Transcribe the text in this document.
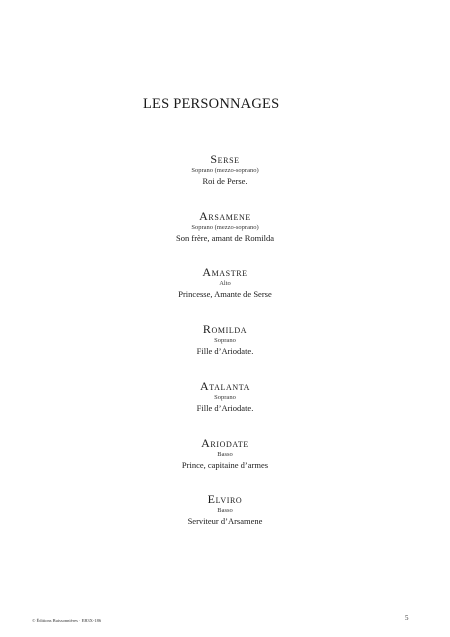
LES PERSONNAGES
Serse
Soprano (mezzo-soprano)
Roi de Perse.
Arsamene
Soprano (mezzo-soprano)
Son frère, amant de Romilda
Amastre
Alto
Princesse, Amante de Serse
Romilda
Soprano
Fille d’Ariodate.
Atalanta
Soprano
Fille d’Ariodate.
Ariodate
Basso
Prince, capitaine d’armes
Elviro
Basso
Serviteur d’Arsamene
© Éditions Buissonnières · EB3X-186	5
